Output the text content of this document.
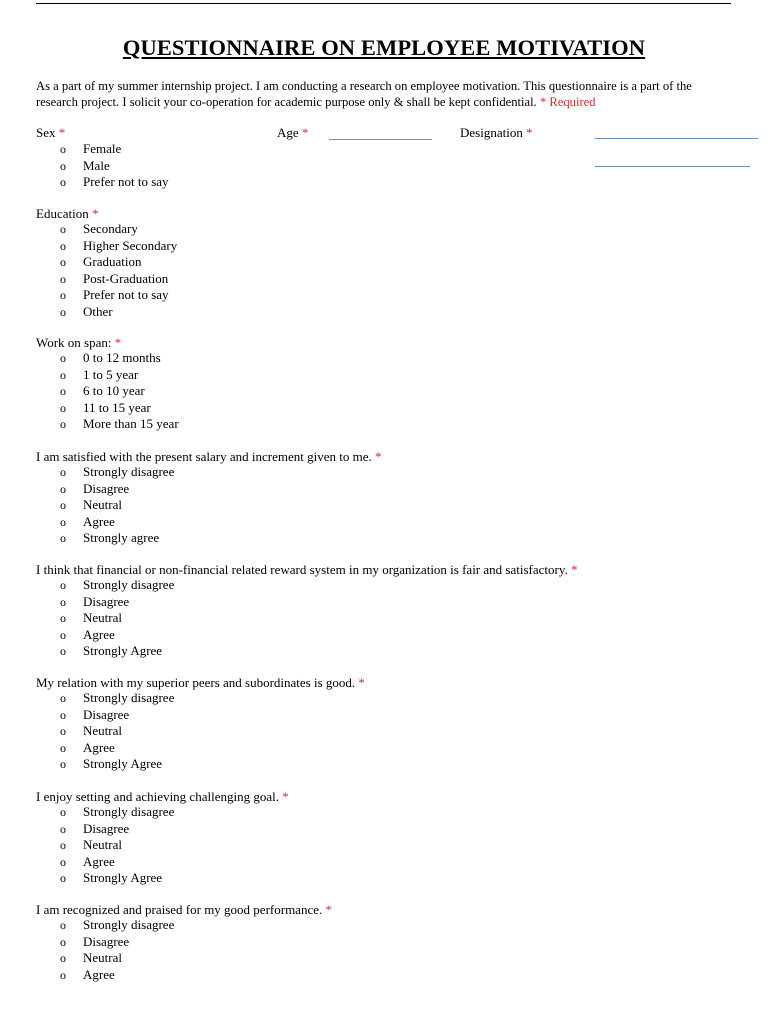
QUESTIONNAIRE ON EMPLOYEE MOTIVATION

As a part of my summer internship project. I am conducting a research on employee motivation. This questionnaire is a part of the research project. I solicit your co-operation for academic purpose only & shall be kept confidential. * Required

Sex *	Age *	Designation *
o Female
o Male
o Prefer not to say
Education *
o Secondary
o Higher Secondary
o Graduation
o Post-Graduation
o Prefer not to say
o Other
Work on span: *
o 0 to 12 months
o 1 to 5 year
o 6 to 10 year
o 11 to 15 year
o More than 15 year
I am satisfied with the present salary and increment given to me. *
o Strongly disagree
o Disagree
o Neutral
o Agree
o Strongly agree
I think that financial or non-financial related reward system in my organization is fair and satisfactory. *
o Strongly disagree
o Disagree
o Neutral
o Agree
o Strongly Agree
My relation with my superior peers and subordinates is good. *
o Strongly disagree
o Disagree
o Neutral
o Agree
o Strongly Agree
I enjoy setting and achieving challenging goal. *
o Strongly disagree
o Disagree
o Neutral
o Agree
o Strongly Agree
I am recognized and praised for my good performance. *
o Strongly disagree
o Disagree
o Neutral
o Agree
